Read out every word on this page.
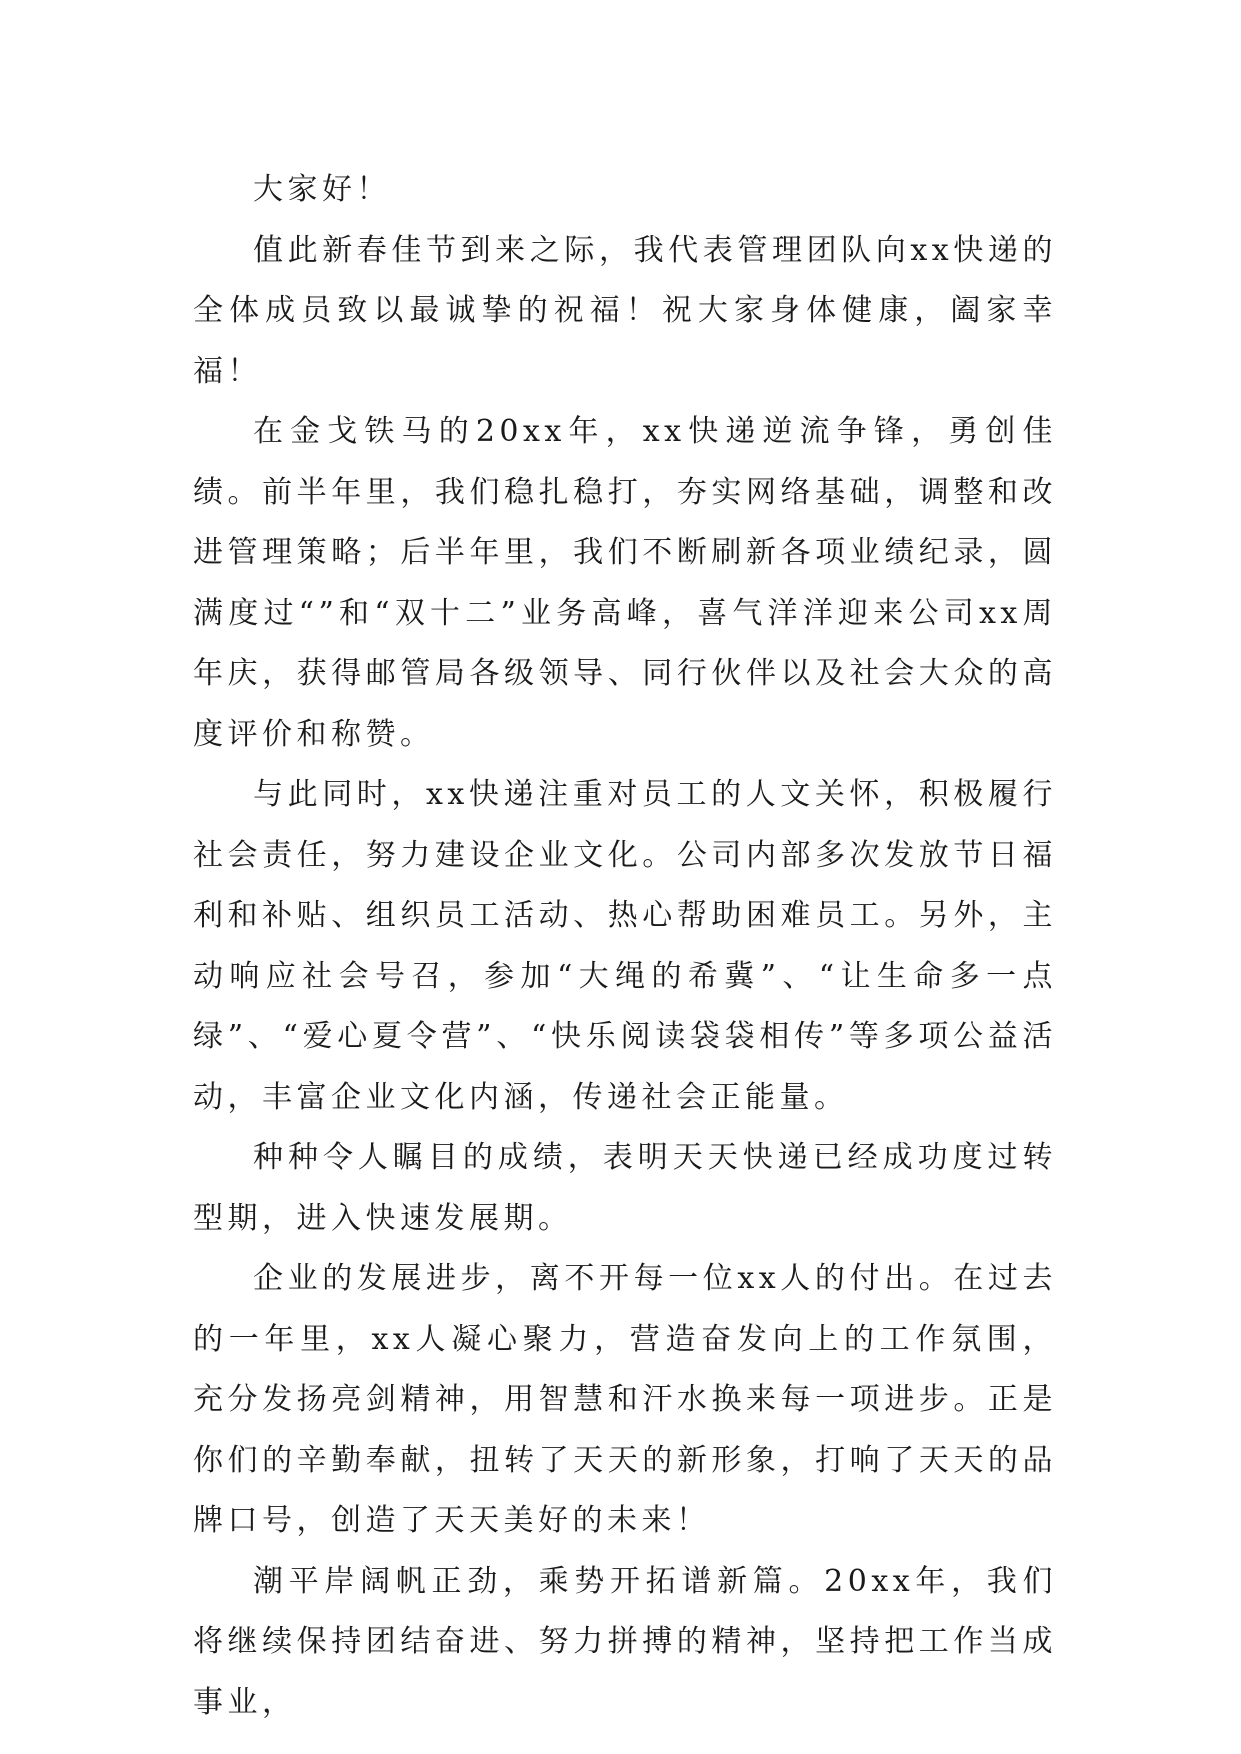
大家好！

值此新春佳节到来之际，我代表管理团队向xx快递的全体成员致以最诚挚的祝福！祝大家身体健康，阖家幸福！

在金戈铁马的20xx年，xx快递逆流争锋，勇创佳绩。前半年里，我们稳扎稳打，夯实网络基础，调整和改进管理策略；后半年里，我们不断刷新各项业绩纪录，圆满度过“”和“双十二”业务高峰，喜气洋洋迎来公司xx周年庆，获得邮管局各级领导、同行伙伴以及社会大众的高度评价和称赞。

与此同时，xx快递注重对员工的人文关怀，积极履行社会责任，努力建设企业文化。公司内部多次发放节日福利和补贴、组织员工活动、热心帮助困难员工。另外，主动响应社会号召，参加“大绳的希冀”、“让生命多一点绿”、“爱心夏令营”、“快乐阅读袋袋相传”等多项公益活动，丰富企业文化内涵，传递社会正能量。

种种令人瞩目的成绩，表明天天快递已经成功度过转型期，进入快速发展期。

企业的发展进步，离不开每一位xx人的付出。在过去的一年里，xx人凝心聚力，营造奋发向上的工作氛围，充分发扬亮剑精神，用智慧和汗水换来每一项进步。正是你们的辛勤奉献，扭转了天天的新形象，打响了天天的品牌口号，创造了天天美好的未来！

潮平岸阔帆正劲，乘势开拓谱新篇。20xx年，我们将继续保持团结奋进、努力拼搏的精神，坚持把工作当成事业，
